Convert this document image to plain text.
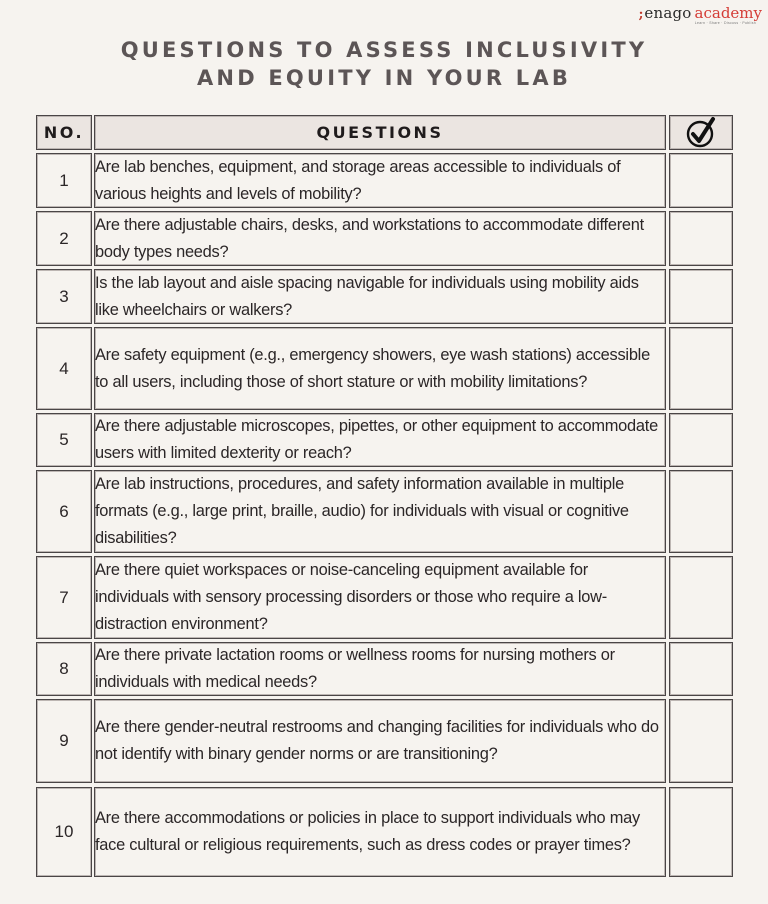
; enago academy
Learn · Share · Discuss · Publish
QUESTIONS TO ASSESS INCLUSIVITY
AND EQUITY IN YOUR LAB
NO.	QUESTIONS
1
Are lab benches, equipment, and storage areas accessible to individuals of various heights and levels of mobility?
2
Are there adjustable chairs, desks, and workstations to accommodate different body types needs?
3
Is the lab layout and aisle spacing navigable for individuals using mobility aids like wheelchairs or walkers?
4
Are safety equipment (e.g., emergency showers, eye wash stations) accessible to all users, including those of short stature or with mobility limitations?
5
Are there adjustable microscopes, pipettes, or other equipment to accommodate users with limited dexterity or reach?
6
Are lab instructions, procedures, and safety information available in multiple formats (e.g., large print, braille, audio) for individuals with visual or cognitive disabilities?
7
Are there quiet workspaces or noise-canceling equipment available for individuals with sensory processing disorders or those who require a low-distraction environment?
8
Are there private lactation rooms or wellness rooms for nursing mothers or individuals with medical needs?
9
Are there gender-neutral restrooms and changing facilities for individuals who do not identify with binary gender norms or are transitioning?
10
Are there accommodations or policies in place to support individuals who may face cultural or religious requirements, such as dress codes or prayer times?
